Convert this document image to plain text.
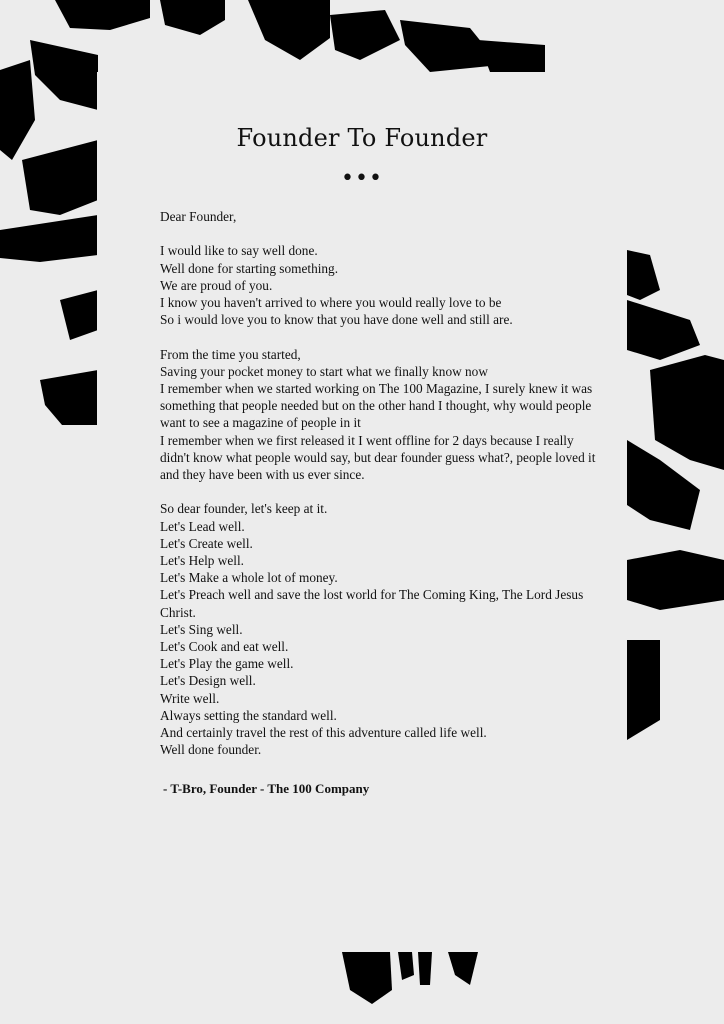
Founder To Founder
•••

Dear Founder,

I would like to say well done.

Well done for starting something.

We are proud of you.

I know you haven't arrived to where you would really love to be

So i would love you to know that you have done well and still are.

From the time you started,

Saving your pocket money to start what we finally know now

I remember when we started working on The 100 Magazine, I surely knew it was something that people needed but on the other hand I thought, why would people want to see a magazine of people in it

I remember when we first released it I went offline for 2 days because I really didn't know what people would say, but dear founder guess what?, people loved it and they have been with us ever since.

So dear founder, let's keep at it.

Let's Lead well.

Let's Create well.

Let's Help well.

Let's Make a whole lot of money.

Let's Preach well and save the lost world for The Coming King, The Lord Jesus Christ.

Let's Sing well.

Let's Cook and eat well.

Let's Play the game well.

Let's Design well.

Write well.

Always setting the standard well.

And certainly travel the rest of this adventure called life well.

Well done founder.

- T-Bro, Founder - The 100 Company
